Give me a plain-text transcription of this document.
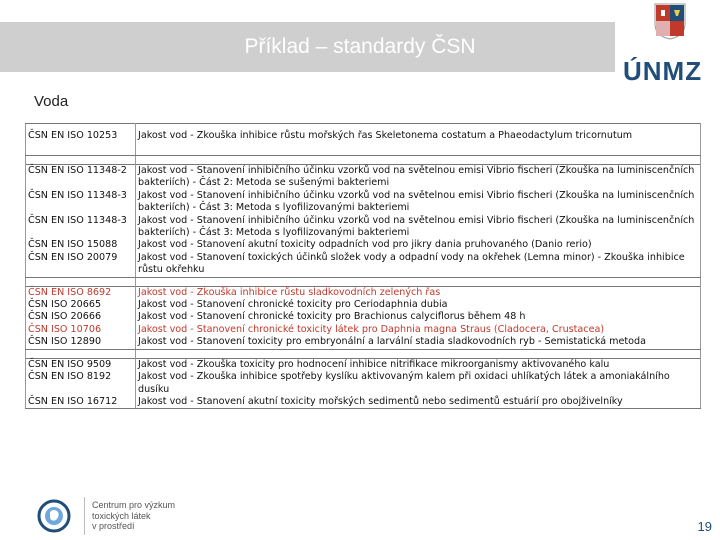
Příklad – standardy ČSN
ÚNMZ
Voda
ČSN EN ISO 10253	Jakost vod - Zkouška inhibice růstu mořských řas Skeletonema costatum a Phaeodactylum tricornutum

ČSN EN ISO 11348-2	Jakost vod - Stanovení inhibičního účinku vzorků vod na světelnou emisi Vibrio fischeri (Zkouška na luminiscenčních bakteriích) - Část 2: Metoda se sušenými bakteriemi
ČSN EN ISO 11348-3	Jakost vod - Stanovení inhibičního účinku vzorků vod na světelnou emisi Vibrio fischeri (Zkouška na luminiscenčních bakteriích) - Část 3: Metoda s lyofilizovanými bakteriemi
ČSN EN ISO 11348-3	Jakost vod - Stanovení inhibičního účinku vzorků vod na světelnou emisi Vibrio fischeri (Zkouška na luminiscenčních bakteriích) - Část 3: Metoda s lyofilizovanými bakteriemi
ČSN EN ISO 15088	Jakost vod - Stanovení akutní toxicity odpadních vod pro jikry dania pruhovaného (Danio rerio)
ČSN EN ISO 20079	Jakost vod - Stanovení toxických účinků složek vody a odpadní vody na okřehek (Lemna minor) - Zkouška inhibice růstu okřehku

ČSN EN ISO 8692	Jakost vod - Zkouška inhibice růstu sladkovodních zelených řas
ČSN ISO 20665	Jakost vod - Stanovení chronické toxicity pro Ceriodaphnia dubia
ČSN ISO 20666	Jakost vod - Stanovení chronické toxicity pro Brachionus calyciflorus během 48 h
ČSN ISO 10706	Jakost vod - Stanovení chronické toxicity látek pro Daphnia magna Straus (Cladocera, Crustacea)
ČSN ISO 12890	Jakost vod - Stanovení toxicity pro embryonální a larvální stadia sladkovodních ryb - Semistatická metoda

ČSN EN ISO 9509	Jakost vod - Zkouška toxicity pro hodnocení inhibice nitrifikace mikroorganismy aktivovaného kalu
ČSN EN ISO 8192	Jakost vod - Zkouška inhibice spotřeby kyslíku aktivovaným kalem při oxidaci uhlíkatých látek a amoniakálního dusíku
ČSN EN ISO 16712	Jakost vod - Stanovení akutní toxicity mořských sedimentů nebo sedimentů estuárií pro obojživelníky
Centrum pro výzkum
toxických látek
v prostředí	19
